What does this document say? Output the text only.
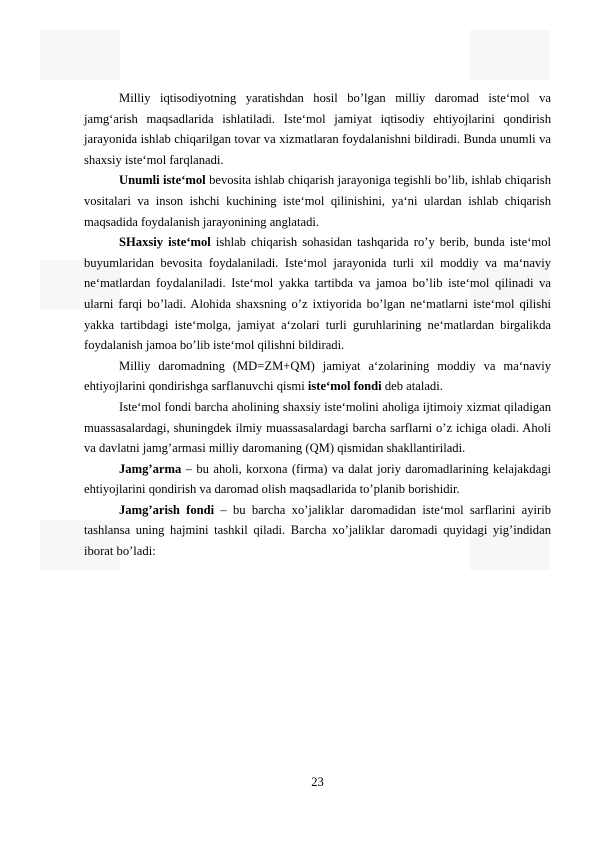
Milliy iqtisodiyotning yaratishdan hosil bo’lgan milliy daromad iste‘mol va jamg‘arish maqsadlarida ishlatiladi. Iste‘mol jamiyat iqtisodiy ehtiyojlarini qondirish jarayonida ishlab chiqarilgan tovar va xizmatlaran foydalanishni bildiradi. Bunda unumli va shaxsiy iste‘mol farqlanadi.

Unumli iste‘mol bevosita ishlab chiqarish jarayoniga tegishli bo’lib, ishlab chiqarish vositalari va inson ishchi kuchining iste‘mol qilinishini, ya‘ni ulardan ishlab chiqarish maqsadida foydalanish jarayonining anglatadi.

SHaxsiy iste‘mol ishlab chiqarish sohasidan tashqarida ro’y berib, bunda iste‘mol buyumlaridan bevosita foydalaniladi. Iste‘mol jarayonida turli xil moddiy va ma‘naviy ne‘matlardan foydalaniladi. Iste‘mol yakka tartibda va jamoa bo’lib iste‘mol qilinadi va ularni farqi bo’ladi. Alohida shaxsning o’z ixtiyorida bo’lgan ne‘matlarni iste‘mol qilishi yakka tartibdagi iste‘molga, jamiyat a‘zolari turli guruhlarining ne‘matlardan birgalikda foydalanish jamoa bo’lib iste‘mol qilishni bildiradi.

Milliy daromadning (MD=ZM+QM) jamiyat a‘zolarining moddiy va ma‘naviy ehtiyojlarini qondirishga sarflanuvchi qismi iste‘mol fondi deb ataladi.

Iste‘mol fondi barcha aholining shaxsiy iste‘molini aholiga ijtimoiy xizmat qiladigan muassasalardagi, shuningdek ilmiy muassasalardagi barcha sarflarni o’z ichiga oladi. Aholi va davlatni jamg’armasi milliy daromaning (QM) qismidan shakllantiriladi.

Jamg’arma – bu aholi, korxona (firma) va dalat joriy daromadlarining kelajakdagi ehtiyojlarini qondirish va daromad olish maqsadlarida to’planib borishidir.

Jamg’arish fondi – bu barcha xo’jaliklar daromadidan iste‘mol sarflarini ayirib tashlansa uning hajmini tashkil qiladi. Barcha xo’jaliklar daromadi quyidagi yig’indidan iborat bo’ladi:

23
